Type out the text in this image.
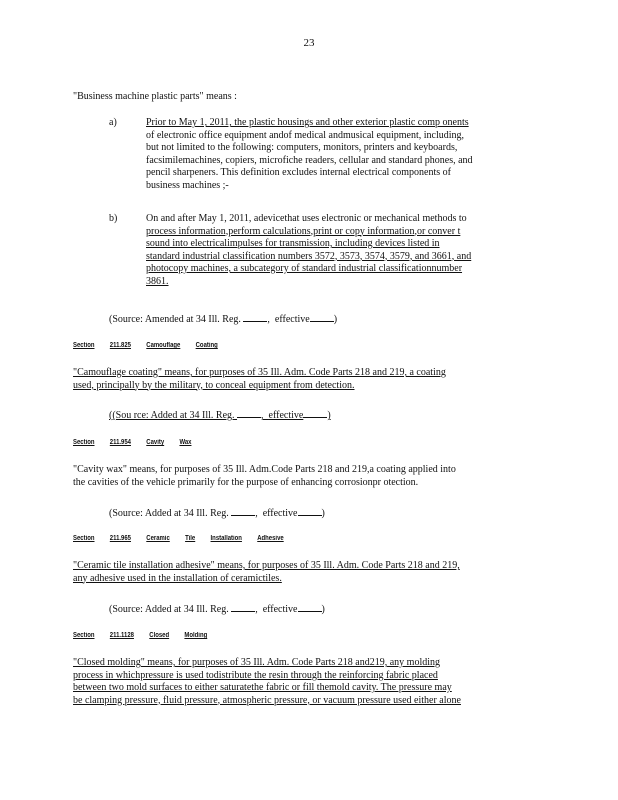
23
"Business machine plastic parts" means :
a)	Prior to May 1, 2011, the plastic housings and other exterior plastic comp onents
of electronic office equipment andof medical andmusical equipment, including,
but not limited to the following: computers, monitors, printers and keyboards,
facsimilemachines, copiers, microfiche readers, cellular and standard phones, and
pencil sharpeners. This definition excludes internal electrical components of
business machines ;-
b)	On and after May 1, 2011, adevicethat uses electronic or mechanical methods to
process information,perform calculations,print or copy information,or conver t
sound into electricalimpulses for transmission, including devices listed in
standard industrial classification numbers 3572, 3573, 3574, 3579, and 3661, and
photocopy machines, a subcategory of standard industrial classificationnumber
3861.
(Source: Amended at 34 Ill. Reg.	,  effective )
Section 211.825 Camouflage Coating
"Camouflage coating" means, for purposes of 35 Ill. Adm. Code Parts 218 and 219, a coating
used, principally by the military, to conceal equipment from detection.
((Sou rce: Added at 34 Ill. Reg.	,  effective )
Section 211.954 Cavity Wax
"Cavity wax" means, for purposes of 35 Ill. Adm.Code Parts 218 and 219,a coating applied into
the cavities of the vehicle primarily for the purpose of enhancing corrosionpr otection.
(Source: Added at 34 Ill. Reg.	,  effective )
Section 211.965 Ceramic Tile Installation Adhesive
"Ceramic tile installation adhesive" means, for purposes of 35 Ill. Adm. Code Parts 218 and 219,
any adhesive used in the installation of ceramictiles.
(Source: Added at 34 Ill. Reg.	,  effective )
Section 211.1128 Closed Molding
"Closed molding" means, for purposes of 35 Ill. Adm. Code Parts 218 and219, any molding
process in whichpressure is used todistribute the resin through the reinforcing fabric placed
between two mold surfaces to either saturatethe fabric or fill themold cavity. The pressure may
be clamping pressure, fluid pressure, atmospheric pressure, or vacuum pressure used either alone
